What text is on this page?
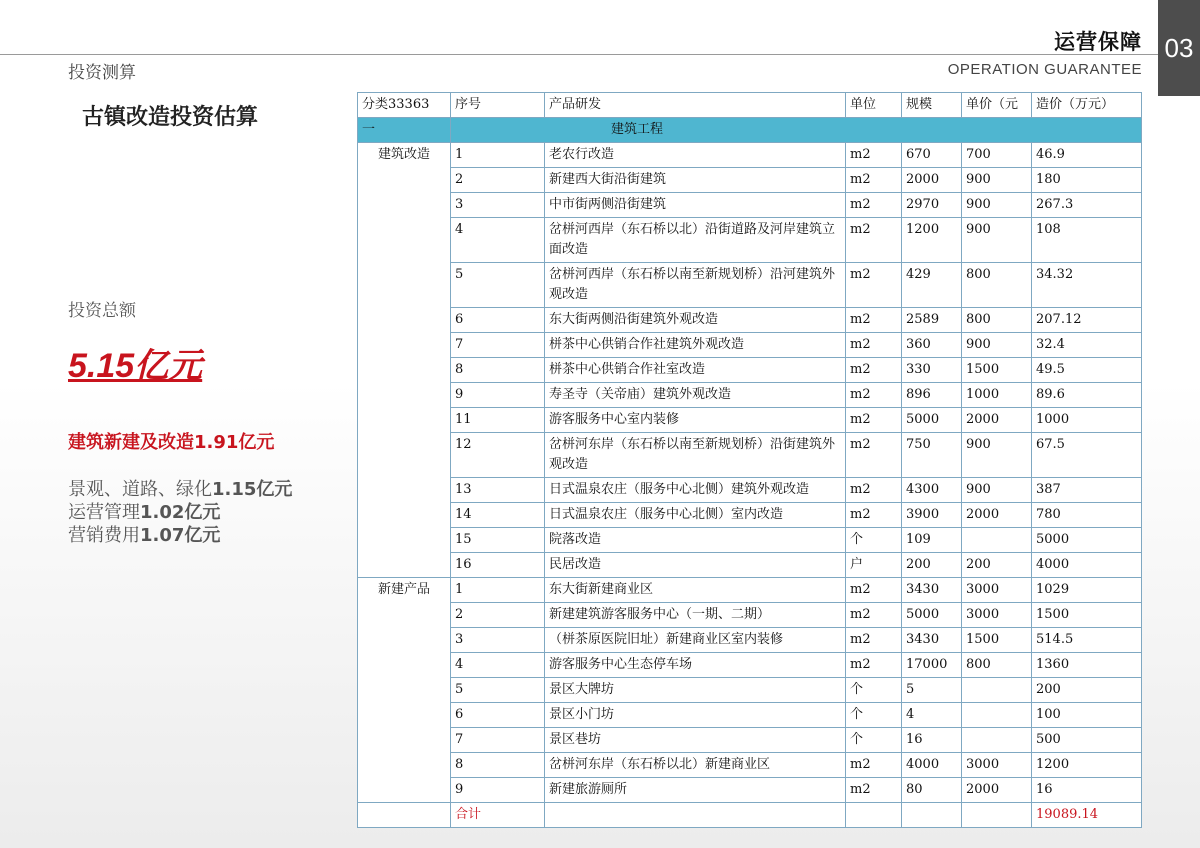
运营保障
OPERATION GUARANTEE
03
投资测算
古镇改造投资估算
投资总额
5.15亿元
建筑新建及改造1.91亿元
景观、道路、绿化1.15亿元
运营管理1.02亿元
营销费用1.07亿元
分类33363	序号	产品研发	单位	规模	单价（元	造价（万元）
一	建筑工程					
建筑改造	1	老农行改造	m2	670	700	46.9
	2	新建西大街沿街建筑	m2	2000	900	180
	3	中市街两侧沿街建筑	m2	2970	900	267.3
	4	岔栟河西岸（东石桥以北）沿街道路及河岸建筑立面改造	m2	1200	900	108
	5	岔栟河西岸（东石桥以南至新规划桥）沿河建筑外观改造	m2	429	800	34.32
	6	东大街两侧沿街建筑外观改造	m2	2589	800	207.12
	7	栟茶中心供销合作社建筑外观改造	m2	360	900	32.4
	8	栟茶中心供销合作社室改造	m2	330	1500	49.5
	9	寿圣寺（关帝庙）建筑外观改造	m2	896	1000	89.6
	11	游客服务中心室内装修	m2	5000	2000	1000
	12	岔栟河东岸（东石桥以南至新规划桥）沿街建筑外观改造	m2	750	900	67.5
	13	日式温泉农庄（服务中心北侧）建筑外观改造	m2	4300	900	387
	14	日式温泉农庄（服务中心北侧）室内改造	m2	3900	2000	780
	15	院落改造	个	109		5000
	16	民居改造	户	200	200	4000
新建产品	1	东大街新建商业区	m2	3430	3000	1029
	2	新建建筑游客服务中心（一期、二期）	m2	5000	3000	1500
	3	（栟茶原医院旧址）新建商业区室内装修	m2	3430	1500	514.5
	4	游客服务中心生态停车场	m2	17000	800	1360
	5	景区大牌坊	个	5		200
	6	景区小门坊	个	4		100
	7	景区巷坊	个	16		500
	8	岔栟河东岸（东石桥以北）新建商业区	m2	4000	3000	1200
	9	新建旅游厕所	m2	80	2000	16
	合计					19089.14
